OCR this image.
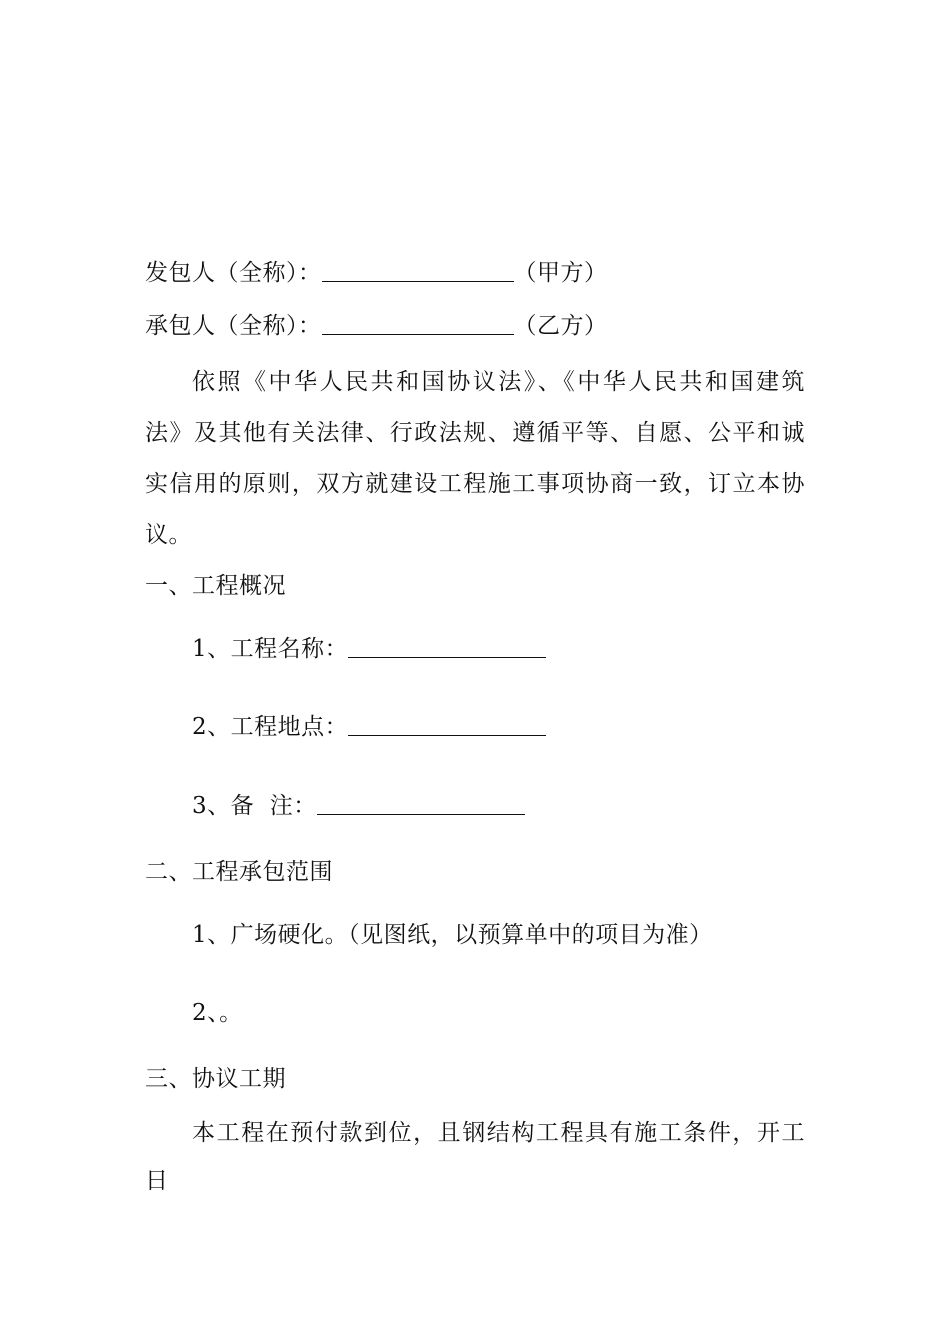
发包人（全称）：	（甲方）
承包人（全称）：	（乙方）
依照《中华人民共和国协议法》、《中华人民共和国建筑
法》及其他有关法律、行政法规、遵循平等、自愿、公平和诚
实信用的原则，双方就建设工程施工事项协商一致，订立本协
议。
一、工程概况
1、工程名称：
2、工程地点：
3、备  注：
二、工程承包范围
1、广场硬化。（见图纸，以预算单中的项目为准）
2、。
三、协议工期
本工程在预付款到位，且钢结构工程具有施工条件，开工
日
